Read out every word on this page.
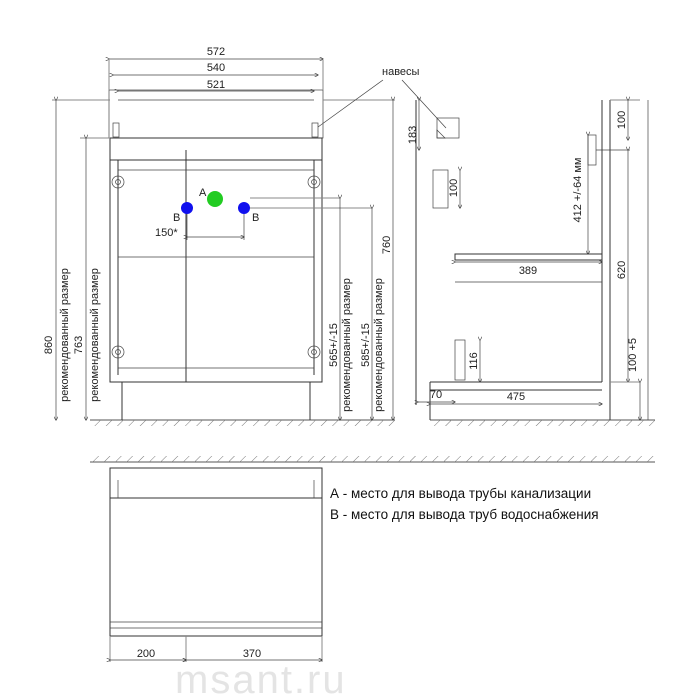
msant.ru
572
540
521
860 рекомендованный размер 763 рекомендованный размер	565+/-15 рекомендованный размер 585+/-15 рекомендованный размер
760
A
B	B
150*
навесы
183
100	412 +/-64 мм
100
620
100 +5
389
116
70	475
200	370
А - место для вывода трубы канализации
В - место для вывода труб водоснабжения
